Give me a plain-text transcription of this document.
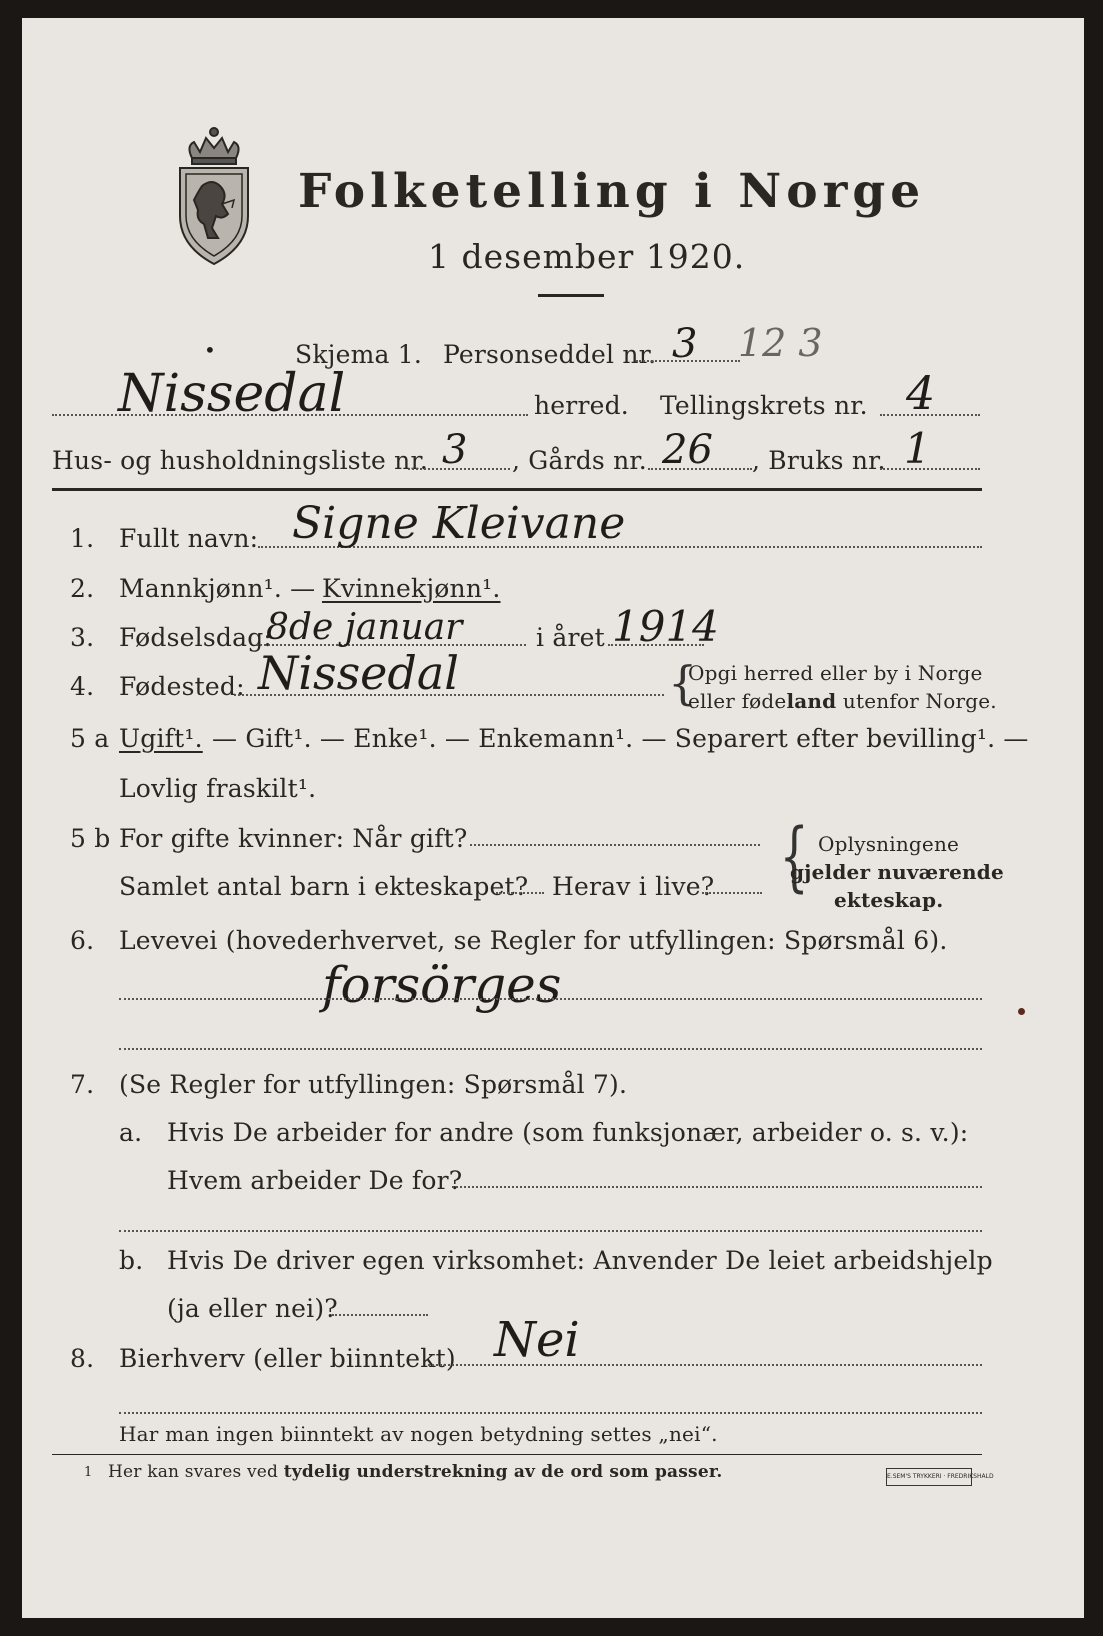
Folketelling i Norge
1 desember 1920.
•	Skjema 1. Personseddel nr. 3 12 3
Nissedal	herred. Tellingskrets nr. 4
Hus- og husholdningsliste nr. 3 , Gårds nr. 26 , Bruks nr. 1
1. Fullt navn: Signe Kleivane
2. Mannkjønn¹. — Kvinnekjønn¹.
3. Fødselsdag:
8de januar	i året 1914
4. Fødested: Nissedal	{
Opgi herred eller by i Norge
eller fødeland utenfor Norge.
5 a Ugift¹. — Gift¹. — Enke¹. — Enkemann¹. — Separert efter bevilling¹. —
Lovlig fraskilt¹.
5 b For gifte kvinner: Når gift?
Samlet antal barn i ekteskapet? Herav i live? { Oplysningene
gjelder nuværende
ekteskap.
6. Levevei (hovederhvervet, se Regler for utfyllingen: Spørsmål 6).
forsörges
7. (Se Regler for utfyllingen: Spørsmål 7).
a. Hvis De arbeider for andre (som funksjonær, arbeider o. s. v.):
Hvem arbeider De for?
b. Hvis De driver egen virksomhet: Anvender De leiet arbeidshjelp
(ja eller nei)?
8. Bierhverv (eller biinntekt) Nei
Har man ingen biinntekt av nogen betydning settes „nei“.
1 Her kan svares ved tydelig understrekning av de ord som passer.	E.SEM'S TRYKKERI · FREDRIKSHALD
